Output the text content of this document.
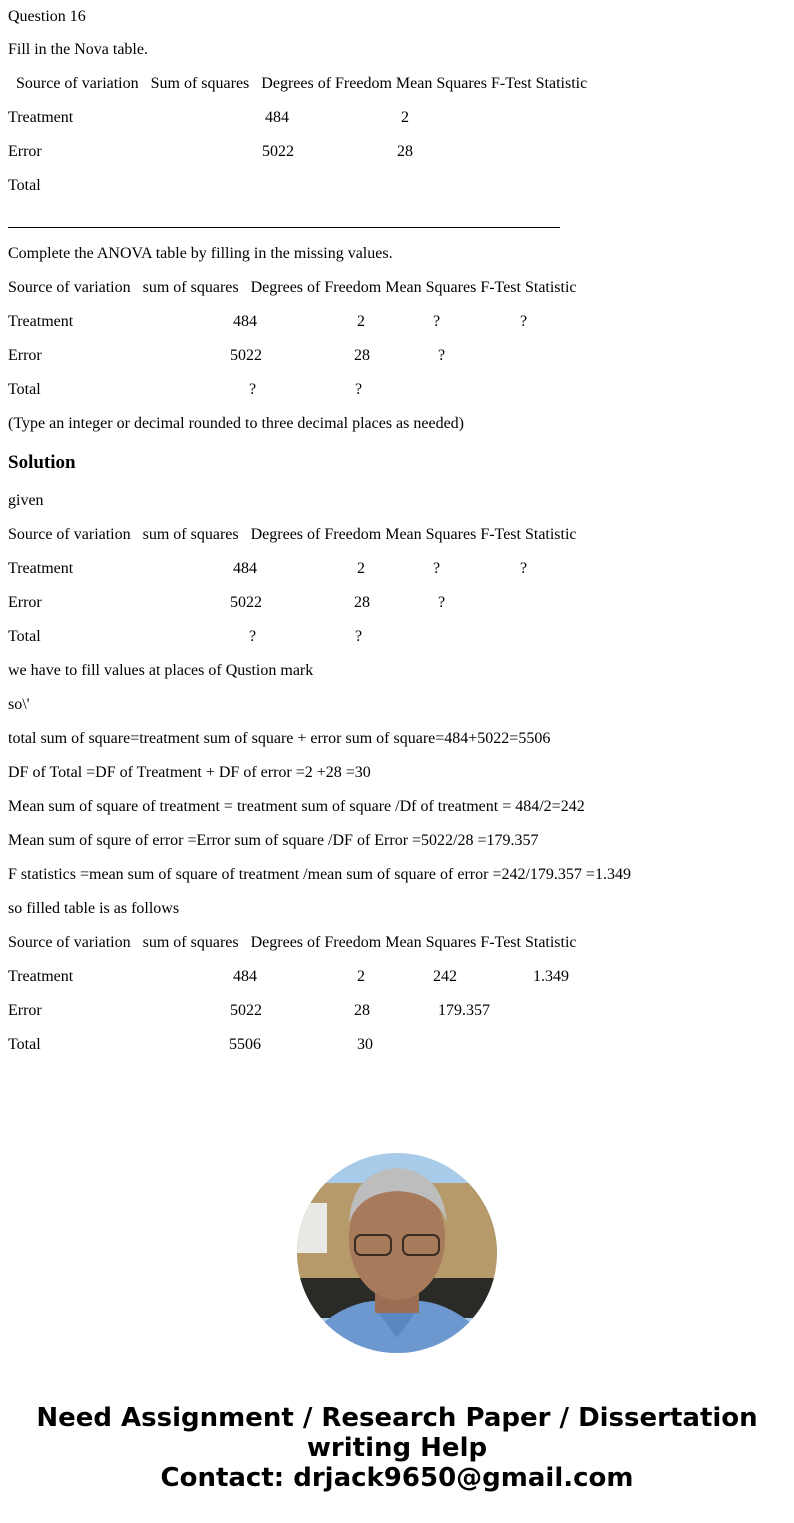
Question 16
Fill in the Nova table.
Source of variation   Sum of squares   Degrees of Freedom Mean Squares F-Test Statistic
Treatment	484	2
Error	5022	28
Total
Complete the ANOVA table by filling in the missing values.
Source of variation   sum of squares   Degrees of Freedom Mean Squares F-Test Statistic
Treatment	484	2	?	?
Error	5022	28	?
Total	?	?
(Type an integer or decimal rounded to three decimal places as needed)
Solution
given
Source of variation   sum of squares   Degrees of Freedom Mean Squares F-Test Statistic
Treatment	484	2	?	?
Error	5022	28	?
Total	?	?
we have to fill values at places of Qustion mark
so\'
total sum of square=treatment sum of square + error sum of square=484+5022=5506
DF of Total =DF of Treatment + DF of error =2 +28 =30
Mean sum of square of treatment = treatment sum of square /Df of treatment = 484/2=242
Mean sum of squre of error =Error sum of square /DF of Error =5022/28 =179.357
F statistics =mean sum of square of treatment /mean sum of square of error =242/179.357 =1.349
so filled table is as follows
Source of variation   sum of squares   Degrees of Freedom Mean Squares F-Test Statistic
Treatment	484	2	242	1.349
Error	5022	28	179.357
Total	5506	30
Need Assignment / Research Paper / Dissertation
writing Help
Contact: drjack9650@gmail.com
